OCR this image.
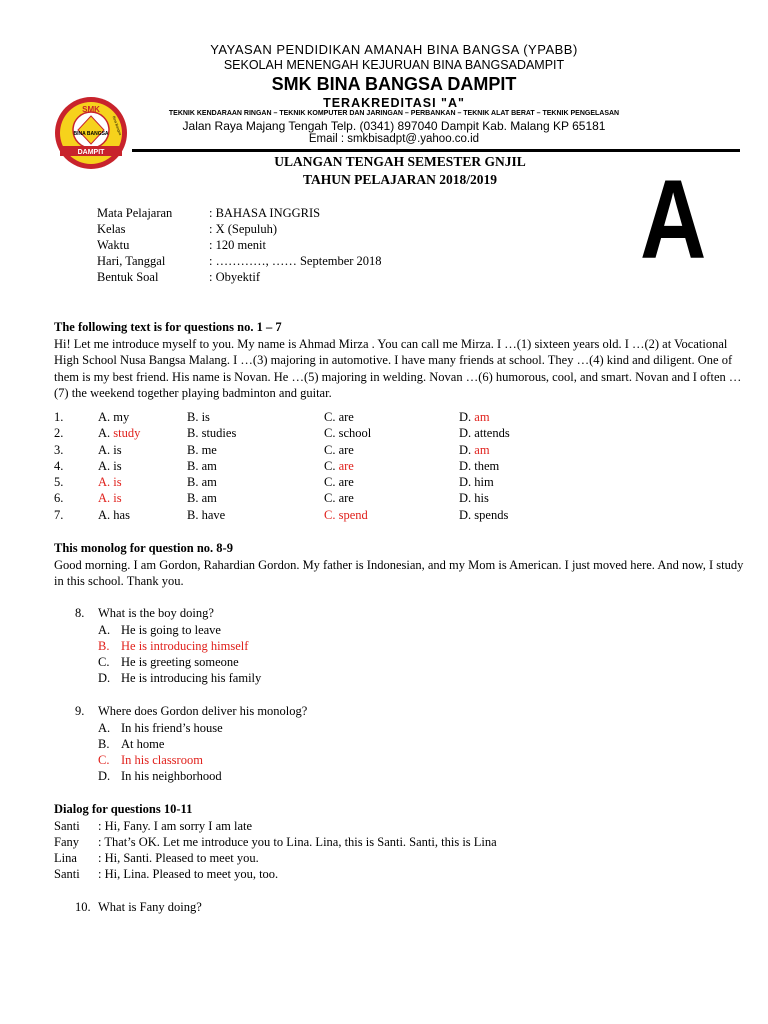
SMK
BINA BANGSA
DAMPIT
Bina Bangsa
YAYASAN PENDIDIKAN AMANAH BINA BANGSA (YPABB)
SEKOLAH MENENGAH KEJURUAN BINA BANGSADAMPIT
SMK BINA BANGSA DAMPIT
TERAKREDITASI "A"
TEKNIK KENDARAAN RINGAN – TEKNIK KOMPUTER DAN JARINGAN – PERBANKAN – TEKNIK ALAT BERAT – TEKNIK PENGELASAN
Jalan Raya Majang Tengah Telp. (0341) 897040 Dampit Kab. Malang KP 65181
Email : smkbisadpt@.yahoo.co.id
ULANGAN TENGAH SEMESTER GNJIL
TAHUN PELAJARAN 2018/2019	A
Mata Pelajaran	: BAHASA INGGRIS
Kelas	: X (Sepuluh)
Waktu	: 120 menit
Hari, Tanggal	: …………, …… September 2018
Bentuk Soal	: Obyektif
The following text is for questions no. 1 – 7
Hi! Let me introduce myself to you. My name is Ahmad Mirza . You can call me Mirza. I …(1) sixteen years old. I …(2) at Vocational High School Nusa Bangsa Malang. I …(3) majoring in automotive. I have many friends at school. They …(4) kind and diligent. One of them is my best friend. His name is Novan. He …(5) majoring in welding. Novan …(6) humorous, cool, and smart. Novan and I often …(7) the weekend together playing badminton and guitar.
1.	A. my	B. is	C. are	D. am
2.	A. study	B. studies	C. school	D. attends
3.	A. is	B. me	C. are	D. am
4.	A. is	B. am	C. are	D. them
5.	A. is	B. am	C. are	D. him
6.	A. is	B. am	C. are	D. his
7.	A. has	B. have	C. spend	D. spends
This monolog for question no. 8-9
Good morning. I am Gordon, Rahardian Gordon. My father is Indonesian, and my Mom is American. I just moved here. And now, I study in this school. Thank you.
8. What is the boy doing?
A. He is going to leave
B. He is introducing himself
C. He is greeting someone
D. He is introducing his family
9. Where does Gordon deliver his monolog?
A. In his friend’s house
B. At home
C. In his classroom
D. In his neighborhood
Dialog for questions 10-11
Santi : Hi, Fany. I am sorry I am late
Fany : That’s OK. Let me introduce you to Lina. Lina, this is Santi. Santi, this is Lina
Lina : Hi, Santi. Pleased to meet you.
Santi : Hi, Lina. Pleased to meet you, too.
10. What is Fany doing?
